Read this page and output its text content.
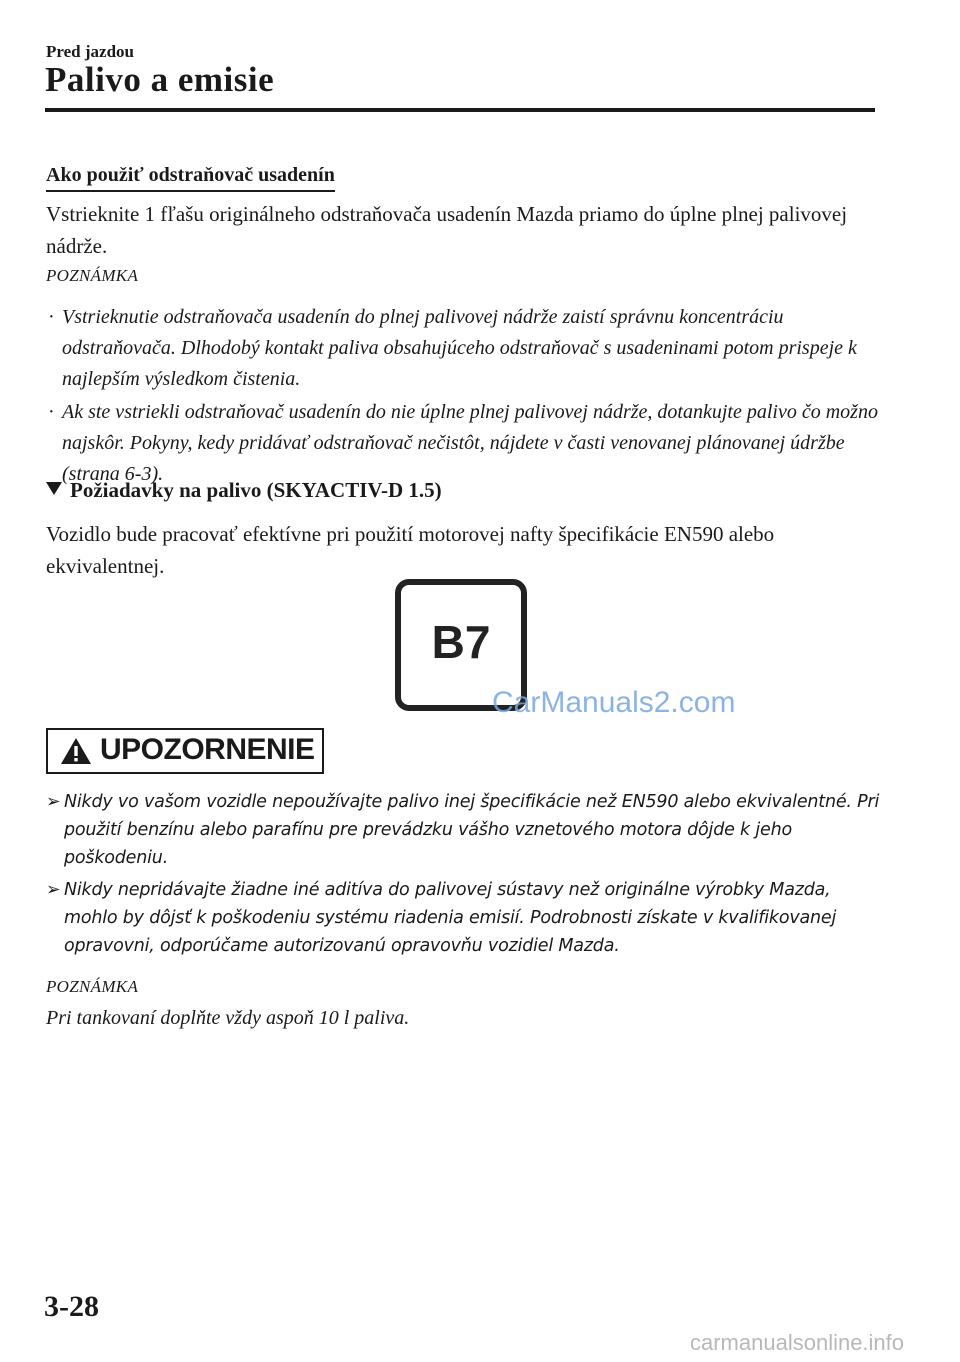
Pred jazdou
Palivo a emisie
Ako použiť odstraňovač usadenín
Vstrieknite 1 fľašu originálneho odstraňovača usadenín Mazda priamo do úplne plnej palivovej nádrže.
POZNÁMKA
· Vstrieknutie odstraňovača usadenín do plnej palivovej nádrže zaistí správnu koncentráciu odstraňovača. Dlhodobý kontakt paliva obsahujúceho odstraňovač s usadeninami potom prispeje k najlepším výsledkom čistenia.
· Ak ste vstriekli odstraňovač usadenín do nie úplne plnej palivovej nádrže, dotankujte palivo čo možno najskôr. Pokyny, kedy pridávať odstraňovač nečistôt, nájdete v časti venovanej plánovanej údržbe (strana 6-3).
Požiadavky na palivo (SKYACTIV-D 1.5)
Vozidlo bude pracovať efektívne pri použití motorovej nafty špecifikácie EN590 alebo ekvivalentnej.
B7
CarManuals2.com
UPOZORNENIE
➢ Nikdy vo vašom vozidle nepoužívajte palivo inej špecifikácie než EN590 alebo ekvivalentné. Pri použití benzínu alebo parafínu pre prevádzku vášho vznetového motora dôjde k jeho poškodeniu.
➢ Nikdy nepridávajte žiadne iné aditíva do palivovej sústavy než originálne výrobky Mazda, mohlo by dôjsť k poškodeniu systému riadenia emisií. Podrobnosti získate v kvalifikovanej opravovni, odporúčame autorizovanú opravovňu vozidiel Mazda.
POZNÁMKA
Pri tankovaní doplňte vždy aspoň 10 l paliva.
3-28
carmanualsonline.info
